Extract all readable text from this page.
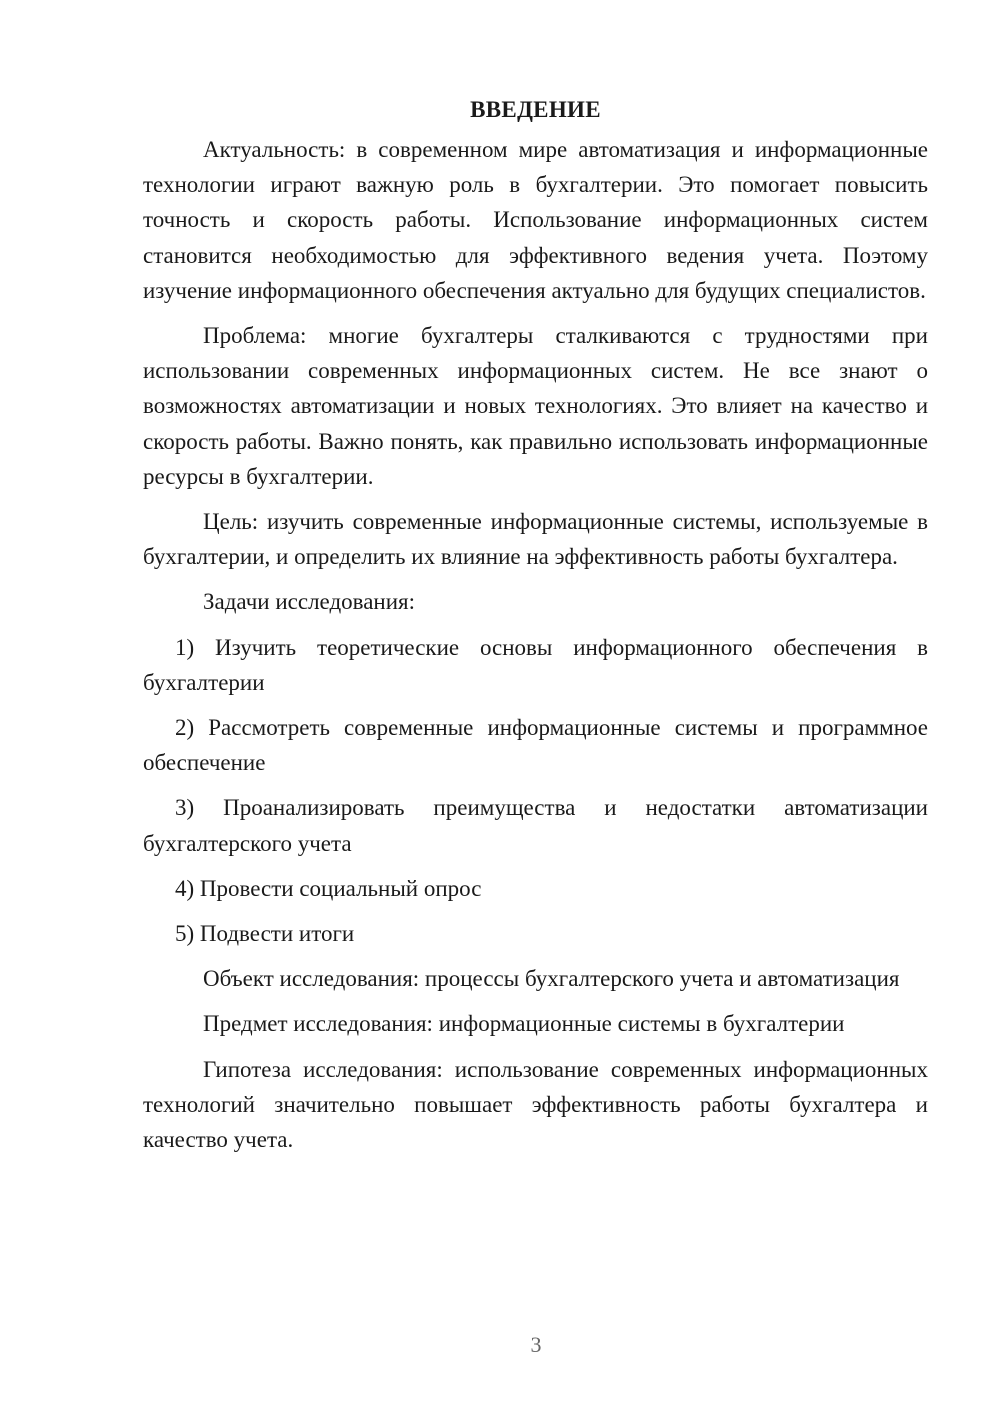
ВВЕДЕНИЕ

Актуальность: в современном мире автоматизация и информационные технологии играют важную роль в бухгалтерии. Это помогает повысить точность и скорость работы. Использование информационных систем становится необходимостью для эффективного ведения учета. Поэтому изучение информационного обеспечения актуально для будущих специалистов.

Проблема: многие бухгалтеры сталкиваются с трудностями при использовании современных информационных систем. Не все знают о возможностях автоматизации и новых технологиях. Это влияет на качество и скорость работы. Важно понять, как правильно использовать информационные ресурсы в бухгалтерии.

Цель: изучить современные информационные системы, используемые в бухгалтерии, и определить их влияние на эффективность работы бухгалтера.

Задачи исследования:

1) Изучить теоретические основы информационного обеспечения в бухгалтерии

2) Рассмотреть современные информационные системы и программное обеспечение

3) Проанализировать преимущества и недостатки автоматизации бухгалтерского учета

4) Провести социальный опрос

5) Подвести итоги

Объект исследования: процессы бухгалтерского учета и автоматизация

Предмет исследования: информационные системы в бухгалтерии

Гипотеза исследования: использование современных информационных технологий значительно повышает эффективность работы бухгалтера и качество учета.

3
